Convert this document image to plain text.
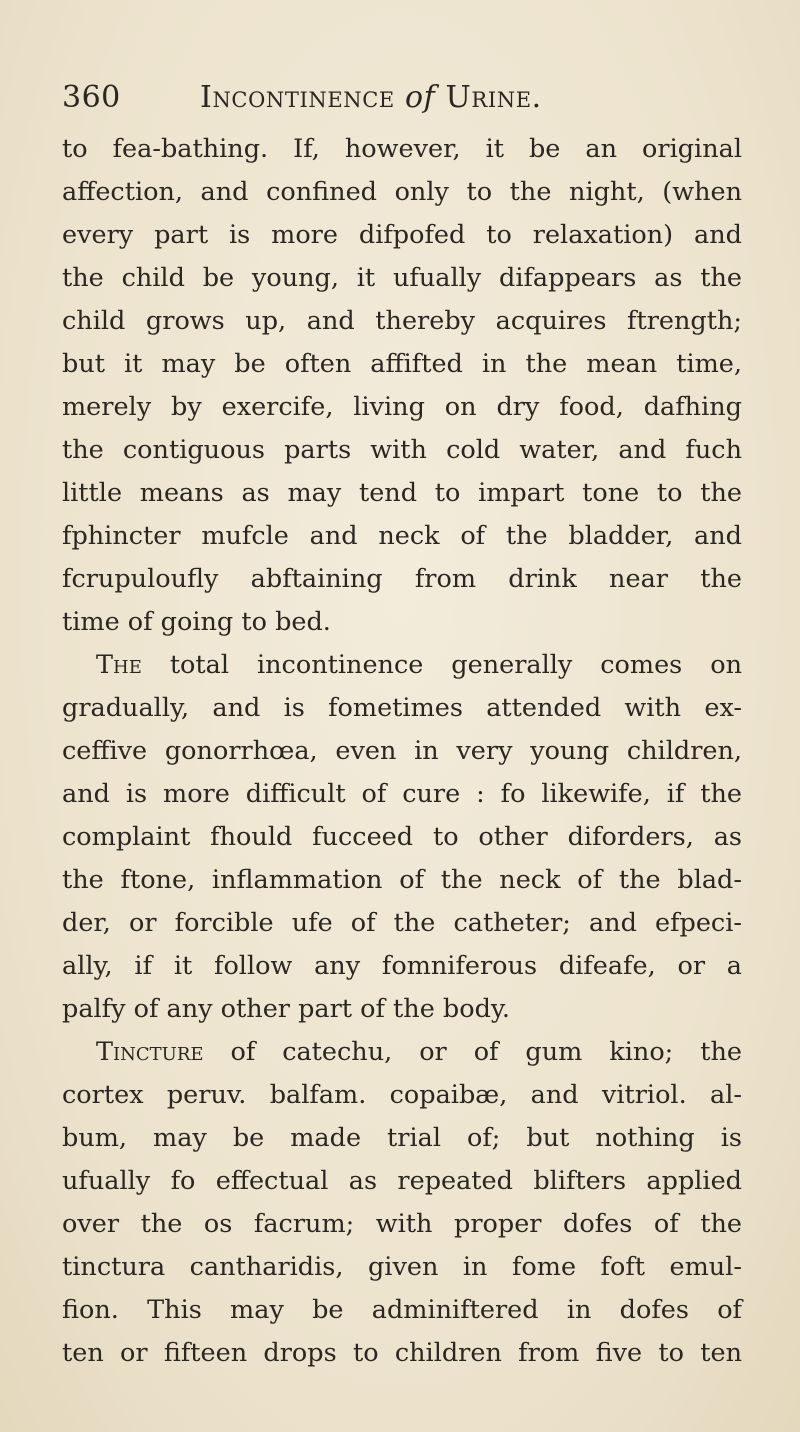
360	Incontinence of Urine.
to fea-bathing. If, however, it be an original
affection, and confined only to the night, (when
every part is more difpofed to relaxation) and
the child be young, it ufually difappears as the
child grows up, and thereby acquires ftrength;
but it may be often affifted in the mean time,
merely by exercife, living on dry food, dafhing
the contiguous parts with cold water, and fuch
little means as may tend to impart tone to the
fphincter mufcle and neck of the bladder, and
fcrupuloufly abftaining from drink near the
time of going to bed.
The total incontinence generally comes on
gradually, and is fometimes attended with ex-
ceffive gonorrhœa, even in very young children,
and is more difficult of cure : fo likewife, if the
complaint fhould fucceed to other diforders, as
the ftone, inflammation of the neck of the blad-
der, or forcible ufe of the catheter; and efpeci-
ally, if it follow any fomniferous difeafe, or a
palfy of any other part of the body.
Tincture of catechu, or of gum kino; the
cortex peruv. balfam. copaibæ, and vitriol. al-
bum, may be made trial of; but nothing is
ufually fo effectual as repeated blifters applied
over the os facrum; with proper dofes of the
tinctura cantharidis, given in fome foft emul-
fion. This may be adminiftered in dofes of
ten or fifteen drops to children from five to ten
